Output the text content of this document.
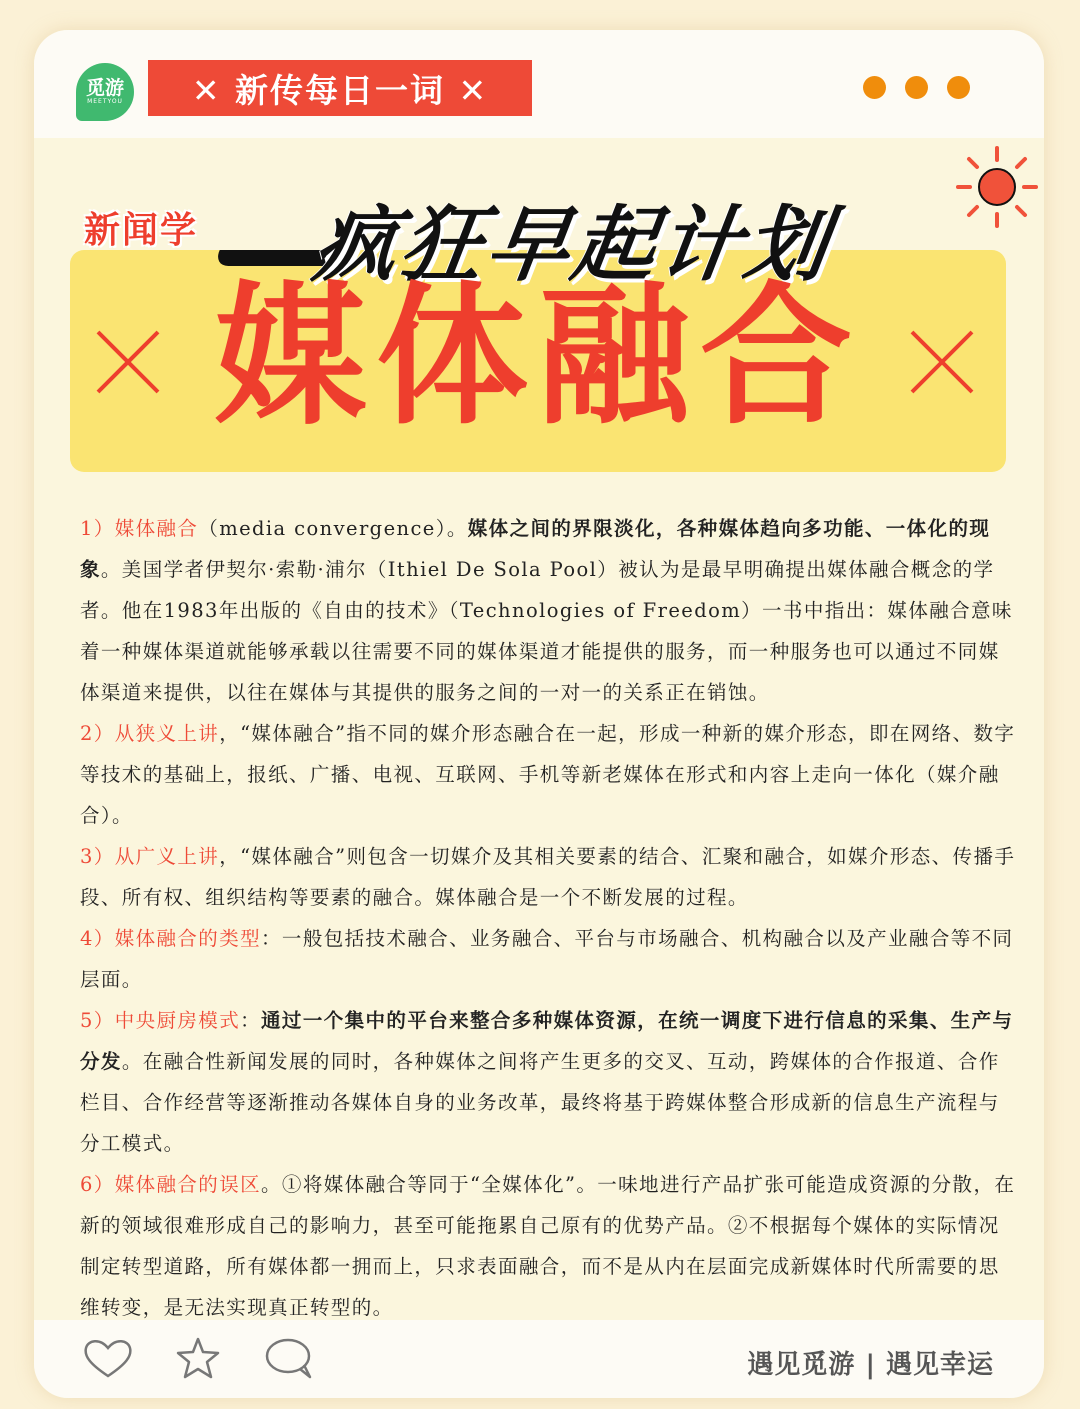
觅游
MEETYOU	✕ 新传每日一词 ✕
新闻学 疯狂早起计划
媒体融合

1）媒体融合（media convergence）。媒体之间的界限淡化，各种媒体趋向多功能、一体化的现象。美国学者伊契尔·索勒·浦尔（Ithiel De Sola Pool）被认为是最早明确提出媒体融合概念的学者。他在1983年出版的《自由的技术》（Technologies of Freedom）一书中指出：媒体融合意味着一种媒体渠道就能够承载以往需要不同的媒体渠道才能提供的服务，而一种服务也可以通过不同媒体渠道来提供，以往在媒体与其提供的服务之间的一对一的关系正在销蚀。

2）从狭义上讲，“媒体融合”指不同的媒介形态融合在一起，形成一种新的媒介形态，即在网络、数字等技术的基础上，报纸、广播、电视、互联网、手机等新老媒体在形式和内容上走向一体化（媒介融合）。

3）从广义上讲，“媒体融合”则包含一切媒介及其相关要素的结合、汇聚和融合，如媒介形态、传播手段、所有权、组织结构等要素的融合。媒体融合是一个不断发展的过程。

4）媒体融合的类型：一般包括技术融合、业务融合、平台与市场融合、机构融合以及产业融合等不同层面。

5）中央厨房模式：通过一个集中的平台来整合多种媒体资源，在统一调度下进行信息的采集、生产与分发。在融合性新闻发展的同时，各种媒体之间将产生更多的交叉、互动，跨媒体的合作报道、合作栏目、合作经营等逐渐推动各媒体自身的业务改革，最终将基于跨媒体整合形成新的信息生产流程与分工模式。

6）媒体融合的误区。①将媒体融合等同于“全媒体化”。一味地进行产品扩张可能造成资源的分散，在新的领域很难形成自己的影响力，甚至可能拖累自己原有的优势产品。②不根据每个媒体的实际情况制定转型道路，所有媒体都一拥而上，只求表面融合，而不是从内在层面完成新媒体时代所需要的思维转变，是无法实现真正转型的。

遇见觅游 | 遇见幸运
